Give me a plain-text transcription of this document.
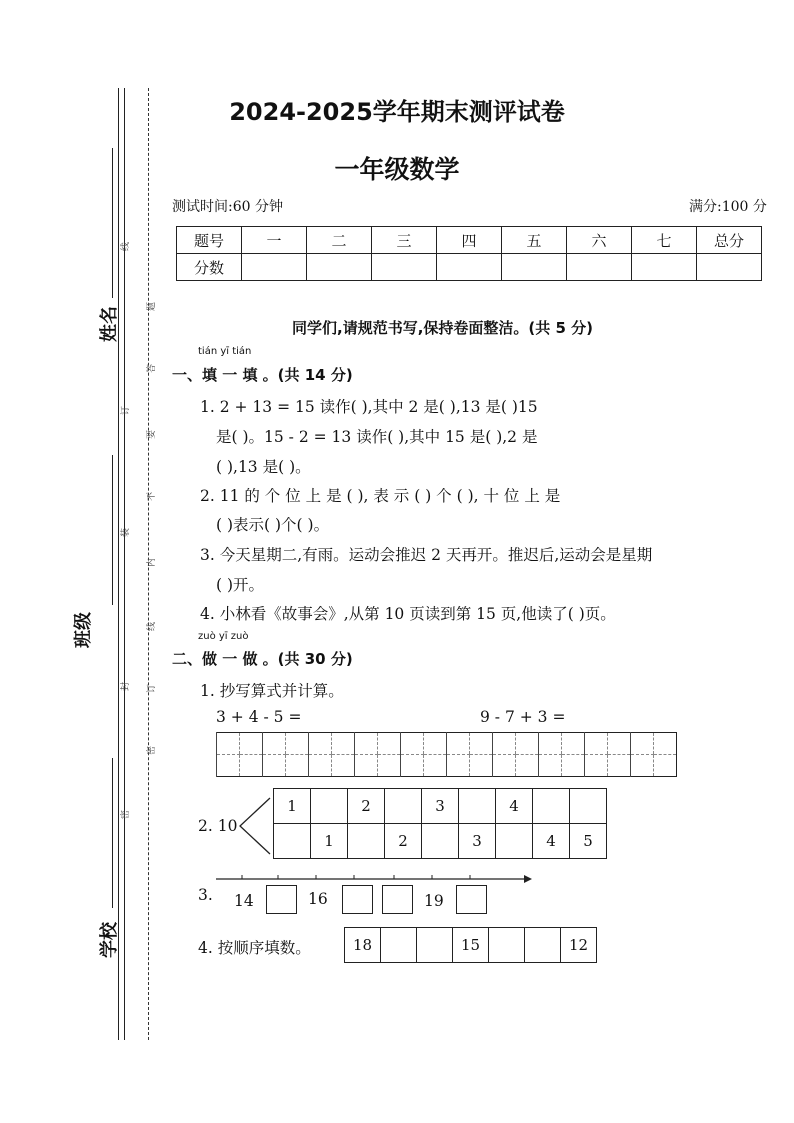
姓名
班级
学校
线
题
答
订
要
不
装
内
线
封	订
密
密
2024-2025学年期末测评试卷
一年级数学
测试时间:60 分钟	满分:100 分
题号	一	二	三	四	五	六	七	总分
分数								
同学们,请规范书写,保持卷面整洁。(共 5 分)
tián yī tián
一、填 一 填 。(共 14 分)
1. 2 + 13 = 15 读作( ),其中 2 是( ),13 是( )15
是( )。15 - 2 = 13 读作( ),其中 15 是( ),2 是
( ),13 是( )。
2. 11 的 个 位 上 是 ( ), 表 示 ( ) 个 ( ), 十 位 上 是
( )表示( )个( )。
3. 今天星期二,有雨。运动会推迟 2 天再开。推迟后,运动会是星期
( )开。
4. 小林看《故事会》,从第 10 页读到第 15 页,他读了( )页。
zuò yī zuò
二、做 一 做 。(共 30 分)
1. 抄写算式并计算。
3 + 4 - 5 =	9 - 7 + 3 =

2. 10
1		2		3		4		
	1		2		3		4	5
3. 14	16	19
4. 按顺序填数。	18			15			12
